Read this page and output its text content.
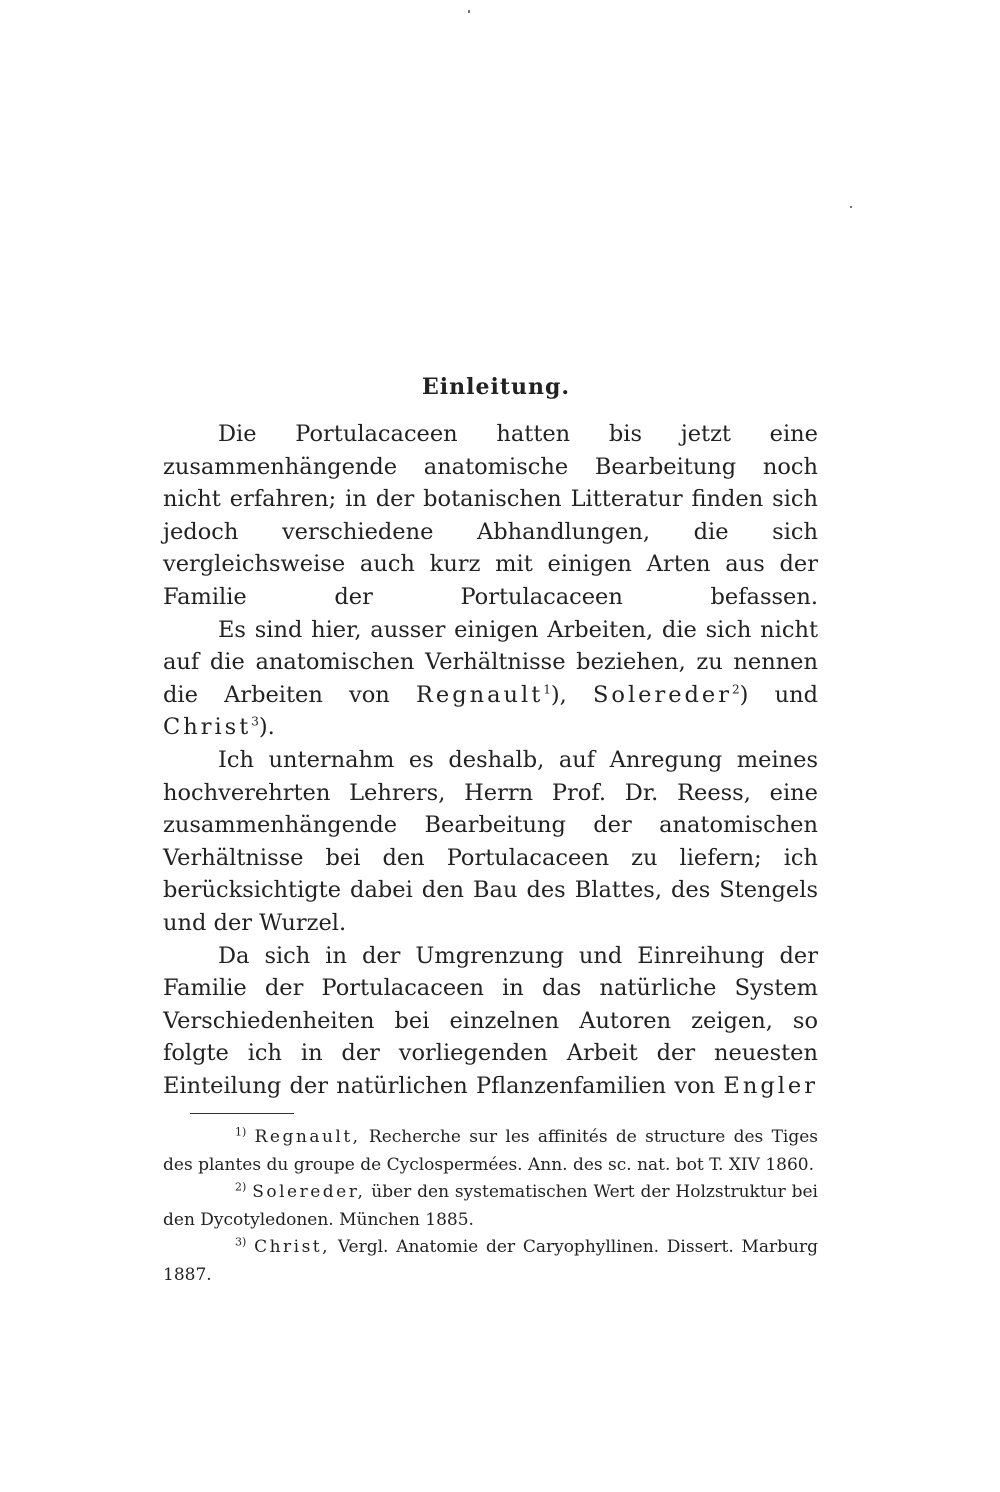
Einleitung.

Die Portulacaceen hatten bis jetzt eine zusammenhängende anatomische Bearbeitung noch nicht erfahren; in der botanischen Litteratur finden sich jedoch verschiedene Abhandlungen, die sich vergleichsweise auch kurz mit einigen Arten aus der Familie der Portulacaceen befassen.

Es sind hier, ausser einigen Arbeiten, die sich nicht auf die anatomischen Verhältnisse beziehen, zu nennen die Arbeiten von Regnault$^1$), Solereder$^2$) und Christ$^3$).

Ich unternahm es deshalb, auf Anregung meines hochverehrten Lehrers, Herrn Prof. Dr. Reess, eine zusammenhängende Bearbeitung der anatomischen Verhältnisse bei den Portulacaceen zu liefern; ich berücksichtigte dabei den Bau des Blattes, des Stengels und der Wurzel.

Da sich in der Umgrenzung und Einreihung der Familie der Portulacaceen in das natürliche System Verschiedenheiten bei einzelnen Autoren zeigen, so folgte ich in der vorliegenden Arbeit der neuesten Einteilung der natürlichen Pflanzenfamilien von Engler

$^{1)}$ Regnault, Recherche sur les affinités de structure des Tiges des plantes du groupe de Cyclospermées. Ann. des sc. nat. bot T. XIV 1860.

$^{2)}$ Solereder, über den systematischen Wert der Holzstruktur bei den Dycotyledonen. München 1885.

$^{3)}$ Christ, Vergl. Anatomie der Caryophyllinen. Dissert. Marburg 1887.
